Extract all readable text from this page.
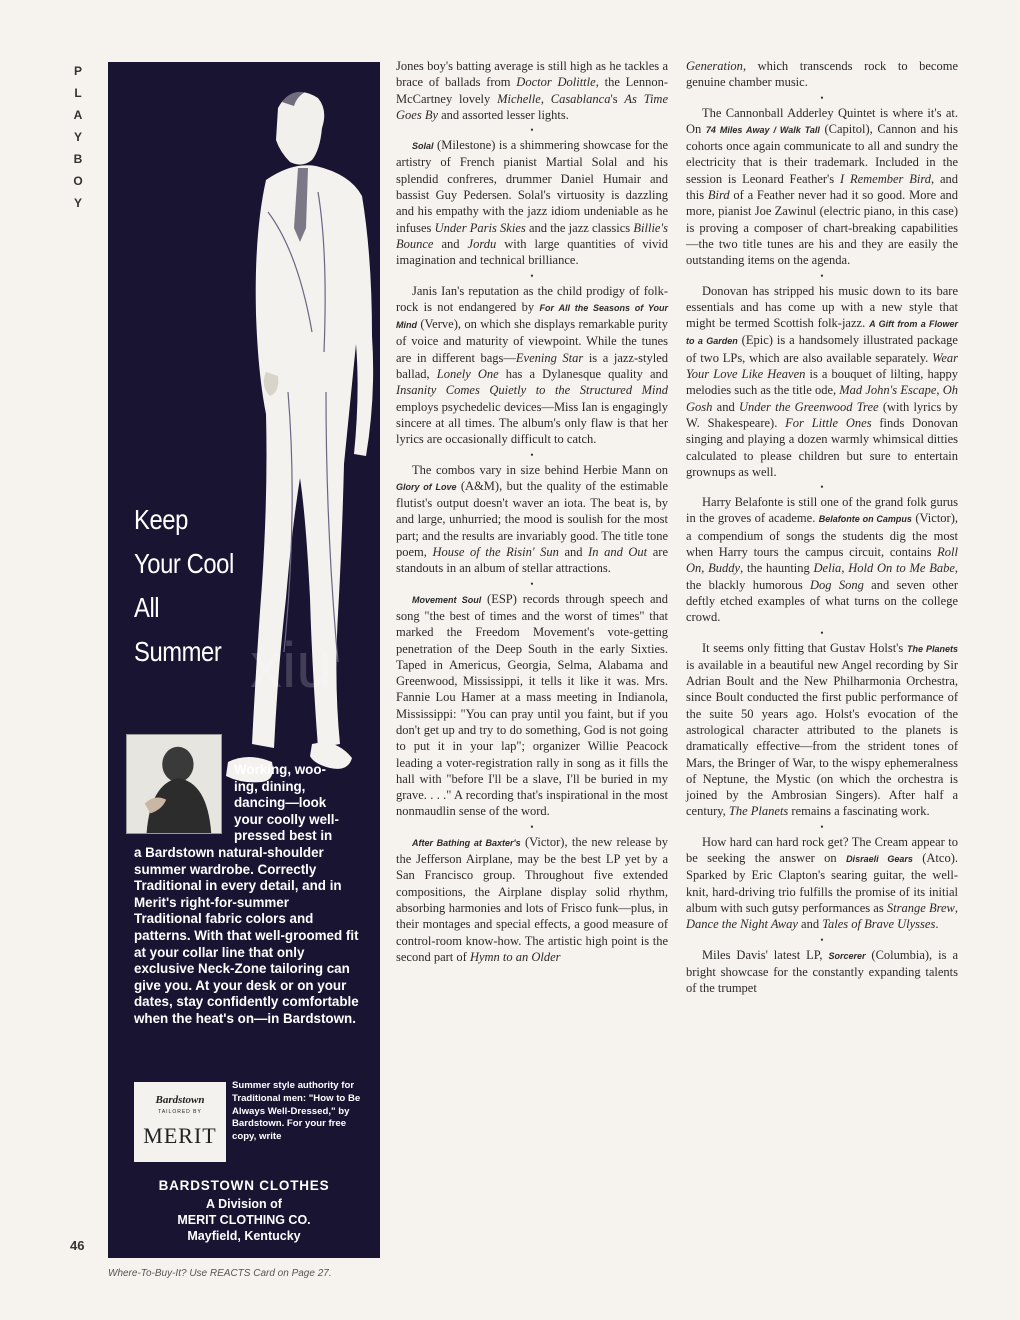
P
L
A
Y
B
O
Y
Keep
Your Cool
All
Summer
Working, woo-
ing, dining,
dancing—look
your coolly well-
pressed best in
a Bardstown natural-shoulder summer wardrobe. Correctly Traditional in every detail, and in Merit's right-for-summer Traditional fabric colors and patterns. With that well-groomed fit at your collar line that only exclusive Neck-Zone tailoring can give you. At your desk or on your dates, stay confidently comfortable when the heat's on—in Bardstown.
Bardstown
TAILORED BY
MERIT
Summer style authority for Traditional men: "How to Be Always Well-Dressed," by Bardstown. For your free copy, write
BARDSTOWN CLOTHES
A Division of
MERIT CLOTHING CO.
Mayfield, Kentucky

Jones boy's batting average is still high as he tackles a brace of ballads from Doctor Dolittle, the Lennon-McCartney lovely Michelle, Casablanca's As Time Goes By and assorted lesser lights.

•

Solal (Milestone) is a shimmering showcase for the artistry of French pianist Martial Solal and his splendid confreres, drummer Daniel Humair and bassist Guy Pedersen. Solal's virtuosity is dazzling and his empathy with the jazz idiom undeniable as he infuses Under Paris Skies and the jazz classics Billie's Bounce and Jordu with large quantities of vivid imagination and technical brilliance.

•

Janis Ian's reputation as the child prodigy of folk-rock is not endangered by For All the Seasons of Your Mind (Verve), on which she displays remarkable purity of voice and maturity of viewpoint. While the tunes are in different bags—Evening Star is a jazz-styled ballad, Lonely One has a Dylanesque quality and Insanity Comes Quietly to the Structured Mind employs psychedelic devices—Miss Ian is engagingly sincere at all times. The album's only flaw is that her lyrics are occasionally difficult to catch.

•

The combos vary in size behind Herbie Mann on Glory of Love (A&M), but the quality of the estimable flutist's output doesn't waver an iota. The beat is, by and large, unhurried; the mood is soulish for the most part; and the results are invariably good. The title tone poem, House of the Risin' Sun and In and Out are standouts in an album of stellar attractions.

•

Movement Soul (ESP) records through speech and song "the best of times and the worst of times" that marked the Freedom Movement's vote-getting penetration of the Deep South in the early Sixties. Taped in Americus, Georgia, Selma, Alabama and Greenwood, Mississippi, it tells it like it was. Mrs. Fannie Lou Hamer at a mass meeting in Indianola, Mississippi: "You can pray until you faint, but if you don't get up and try to do something, God is not going to put it in your lap"; organizer Willie Peacock leading a voter-registration rally in song as it fills the hall with "before I'll be a slave, I'll be buried in my grave. . . ." A recording that's inspirational in the most nonmaudlin sense of the word.

•

After Bathing at Baxter's (Victor), the new release by the Jefferson Airplane, may be the best LP yet by a San Francisco group. Throughout five extended compositions, the Airplane display solid rhythm, absorbing harmonies and lots of Frisco funk—plus, in their montages and special effects, a good measure of control-room know-how. The artistic high point is the second part of Hymn to an Older

Generation, which transcends rock to become genuine chamber music.

•

The Cannonball Adderley Quintet is where it's at. On 74 Miles Away / Walk Tall (Capitol), Cannon and his cohorts once again communicate to all and sundry the electricity that is their trademark. Included in the session is Leonard Feather's I Remember Bird, and this Bird of a Feather never had it so good. More and more, pianist Joe Zawinul (electric piano, in this case) is proving a composer of chart-breaking capabilities—the two title tunes are his and they are easily the outstanding items on the agenda.

•

Donovan has stripped his music down to its bare essentials and has come up with a new style that might be termed Scottish folk-jazz. A Gift from a Flower to a Garden (Epic) is a handsomely illustrated package of two LPs, which are also available separately. Wear Your Love Like Heaven is a bouquet of lilting, happy melodies such as the title ode, Mad John's Escape, Oh Gosh and Under the Greenwood Tree (with lyrics by W. Shakespeare). For Little Ones finds Donovan singing and playing a dozen warmly whimsical ditties calculated to please children but sure to entertain grownups as well.

•

Harry Belafonte is still one of the grand folk gurus in the groves of academe. Belafonte on Campus (Victor), a compendium of songs the students dig the most when Harry tours the campus circuit, contains Roll On, Buddy, the haunting Delia, Hold On to Me Babe, the blackly humorous Dog Song and seven other deftly etched examples of what turns on the college crowd.

•

It seems only fitting that Gustav Holst's The Planets is available in a beautiful new Angel recording by Sir Adrian Boult and the New Philharmonia Orchestra, since Boult conducted the first public performance of the suite 50 years ago. Holst's evocation of the astrological character attributed to the planets is dramatically effective—from the strident tones of Mars, the Bringer of War, to the wispy ephemeralness of Neptune, the Mystic (on which the orchestra is joined by the Ambrosian Singers). After half a century, The Planets remains a fascinating work.

•

How hard can hard rock get? The Cream appear to be seeking the answer on Disraeli Gears (Atco). Sparked by Eric Clapton's searing guitar, the well-knit, hard-driving trio fulfills the promise of its initial album with such gutsy performances as Strange Brew, Dance the Night Away and Tales of Brave Ulysses.

•

Miles Davis' latest LP, Sorcerer (Columbia), is a bright showcase for the constantly expanding talents of the trumpet

46
Where-To-Buy-It? Use REACTS Card on Page 27.
